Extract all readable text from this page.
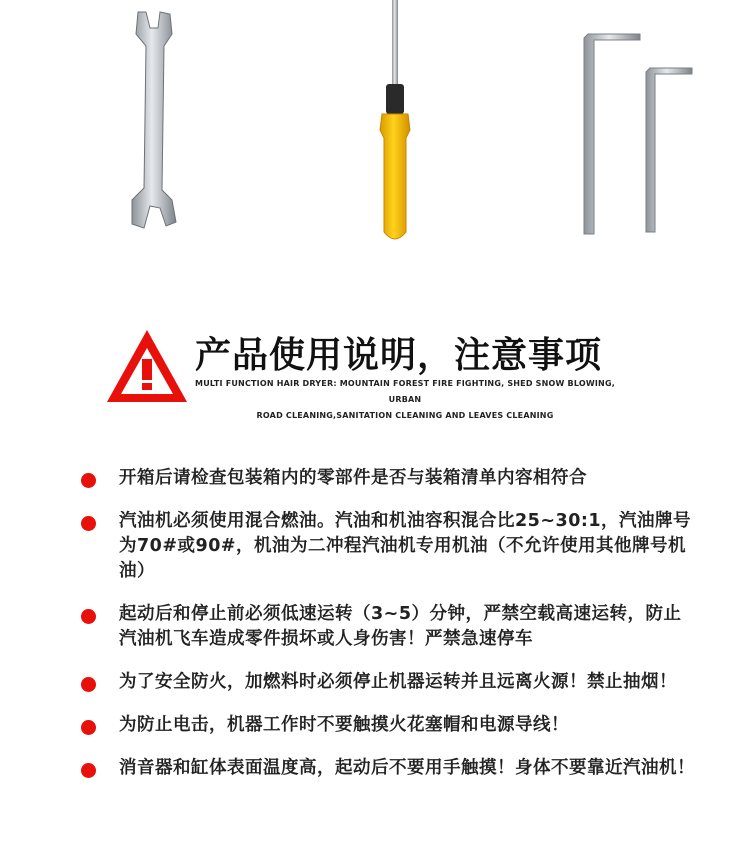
产品使用说明，注意事项
MULTI FUNCTION HAIR DRYER: MOUNTAIN FOREST FIRE FIGHTING, SHED SNOW BLOWING, URBAN
ROAD CLEANING,SANITATION CLEANING AND LEAVES CLEANING
开箱后请检查包装箱内的零部件是否与装箱清单内容相符合
汽油机必须使用混合燃油。汽油和机油容积混合比25~30:1，汽油牌号为70#或90#，机油为二冲程汽油机专用机油（不允许使用其他牌号机油）
起动后和停止前必须低速运转（3~5）分钟，严禁空载高速运转，防止汽油机飞车造成零件损坏或人身伤害！严禁急速停车
为了安全防火，加燃料时必须停止机器运转并且远离火源！禁止抽烟！
为防止电击，机器工作时不要触摸火花塞帽和电源导线！
消音器和缸体表面温度高，起动后不要用手触摸！身体不要靠近汽油机！
